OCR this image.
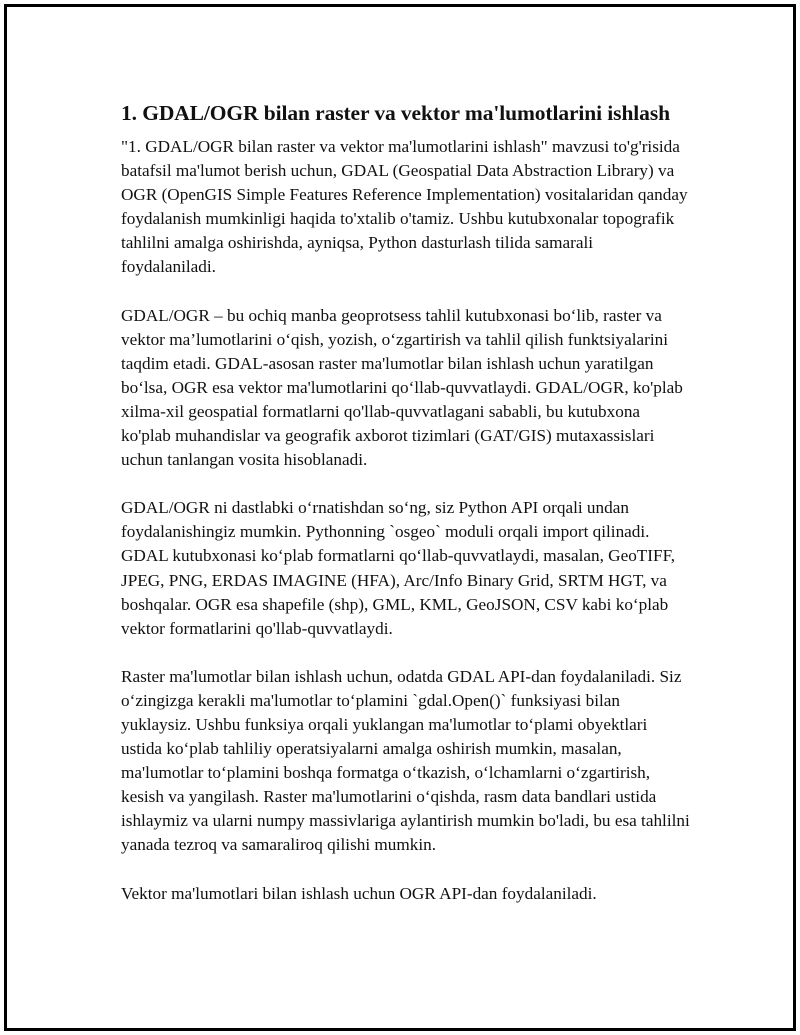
1. GDAL/OGR bilan raster va vektor ma'lumotlarini ishlash

"1. GDAL/OGR bilan raster va vektor ma'lumotlarini ishlash" mavzusi to'g'risida batafsil ma'lumot berish uchun, GDAL (Geospatial Data Abstraction Library) va OGR (OpenGIS Simple Features Reference Implementation) vositalaridan qanday foydalanish mumkinligi haqida to'xtalib o'tamiz. Ushbu kutubxonalar topografik tahlilni amalga oshirishda, ayniqsa, Python dasturlash tilida samarali foydalaniladi.

GDAL/OGR – bu ochiq manba geoprotsess tahlil kutubxonasi bo‘lib, raster va vektor ma’lumotlarini o‘qish, yozish, o‘zgartirish va tahlil qilish funktsiyalarini taqdim etadi. GDAL-asosan raster ma'lumotlar bilan ishlash uchun yaratilgan bo‘lsa, OGR esa vektor ma'lumotlarini qo‘llab-quvvatlaydi. GDAL/OGR, ko'plab xilma-xil geospatial formatlarni qo'llab-quvvatlagani sababli, bu kutubxona ko'plab muhandislar va geografik axborot tizimlari (GAT/GIS) mutaxassislari uchun tanlangan vosita hisoblanadi.

GDAL/OGR ni dastlabki o‘rnatishdan so‘ng, siz Python API orqali undan foydalanishingiz mumkin. Pythonning `osgeo` moduli orqali import qilinadi. GDAL kutubxonasi ko‘plab formatlarni qo‘llab-quvvatlaydi, masalan, GeoTIFF, JPEG, PNG, ERDAS IMAGINE (HFA), Arc/Info Binary Grid, SRTM HGT, va boshqalar. OGR esa shapefile (shp), GML, KML, GeoJSON, CSV kabi ko‘plab vektor formatlarini qo'llab-quvvatlaydi.

Raster ma'lumotlar bilan ishlash uchun, odatda GDAL API-dan foydalaniladi. Siz o‘zingizga kerakli ma'lumotlar to‘plamini `gdal.Open()` funksiyasi bilan yuklaysiz. Ushbu funksiya orqali yuklangan ma'lumotlar to‘plami obyektlari ustida ko‘plab tahliliy operatsiyalarni amalga oshirish mumkin, masalan, ma'lumotlar to‘plamini boshqa formatga o‘tkazish, o‘lchamlarni o‘zgartirish, kesish va yangilash. Raster ma'lumotlarini o‘qishda, rasm data bandlari ustida ishlaymiz va ularni numpy massivlariga aylantirish mumkin bo'ladi, bu esa tahlilni yanada tezroq va samaraliroq qilishi mumkin.

Vektor ma'lumotlari bilan ishlash uchun OGR API-dan foydalaniladi.
